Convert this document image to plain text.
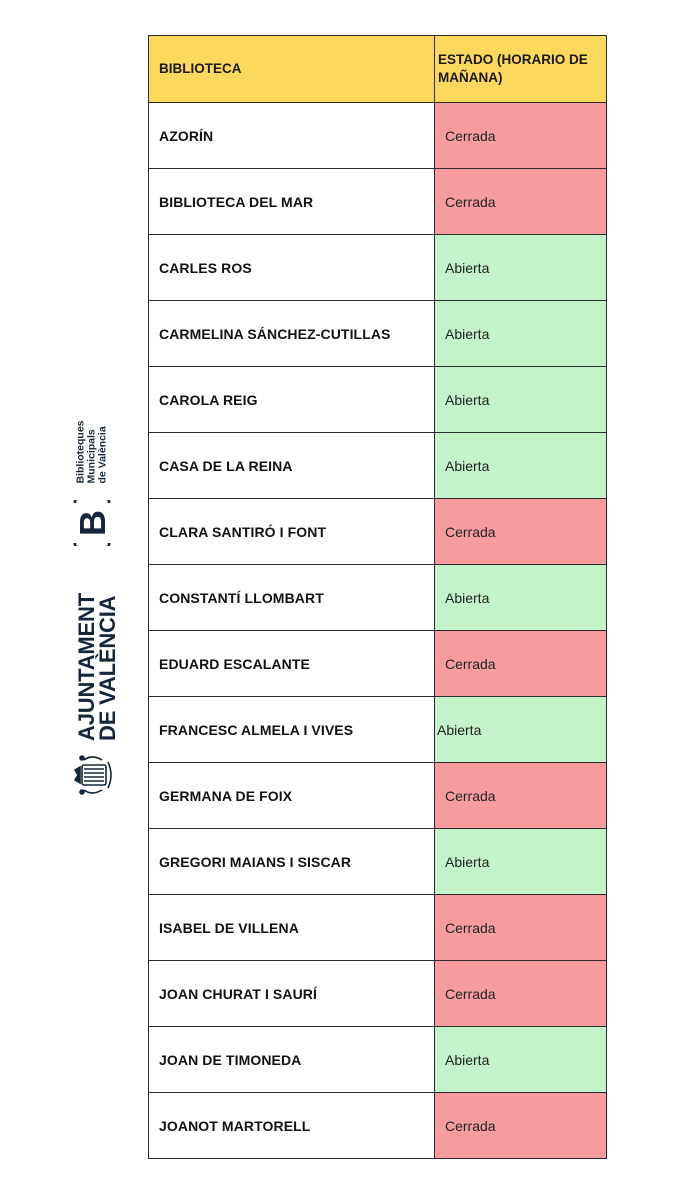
Biblioteques Municipals de València
B
AJUNTAMENT
DE VALÈNCIA
BIBLIOTECA	ESTADO (HORARIO DE MAÑANA)
AZORÍN	Cerrada
BIBLIOTECA DEL MAR	Cerrada
CARLES ROS	Abierta
CARMELINA SÁNCHEZ-CUTILLAS	Abierta
CAROLA REIG	Abierta
CASA DE LA REINA	Abierta
CLARA SANTIRÓ I FONT	Cerrada
CONSTANTÍ LLOMBART	Abierta
EDUARD ESCALANTE	Cerrada
FRANCESC ALMELA I VIVES	Abierta
GERMANA DE FOIX	Cerrada
GREGORI MAIANS I SISCAR	Abierta
ISABEL DE VILLENA	Cerrada
JOAN CHURAT I SAURÍ	Cerrada
JOAN DE TIMONEDA	Abierta
JOANOT MARTORELL	Cerrada
